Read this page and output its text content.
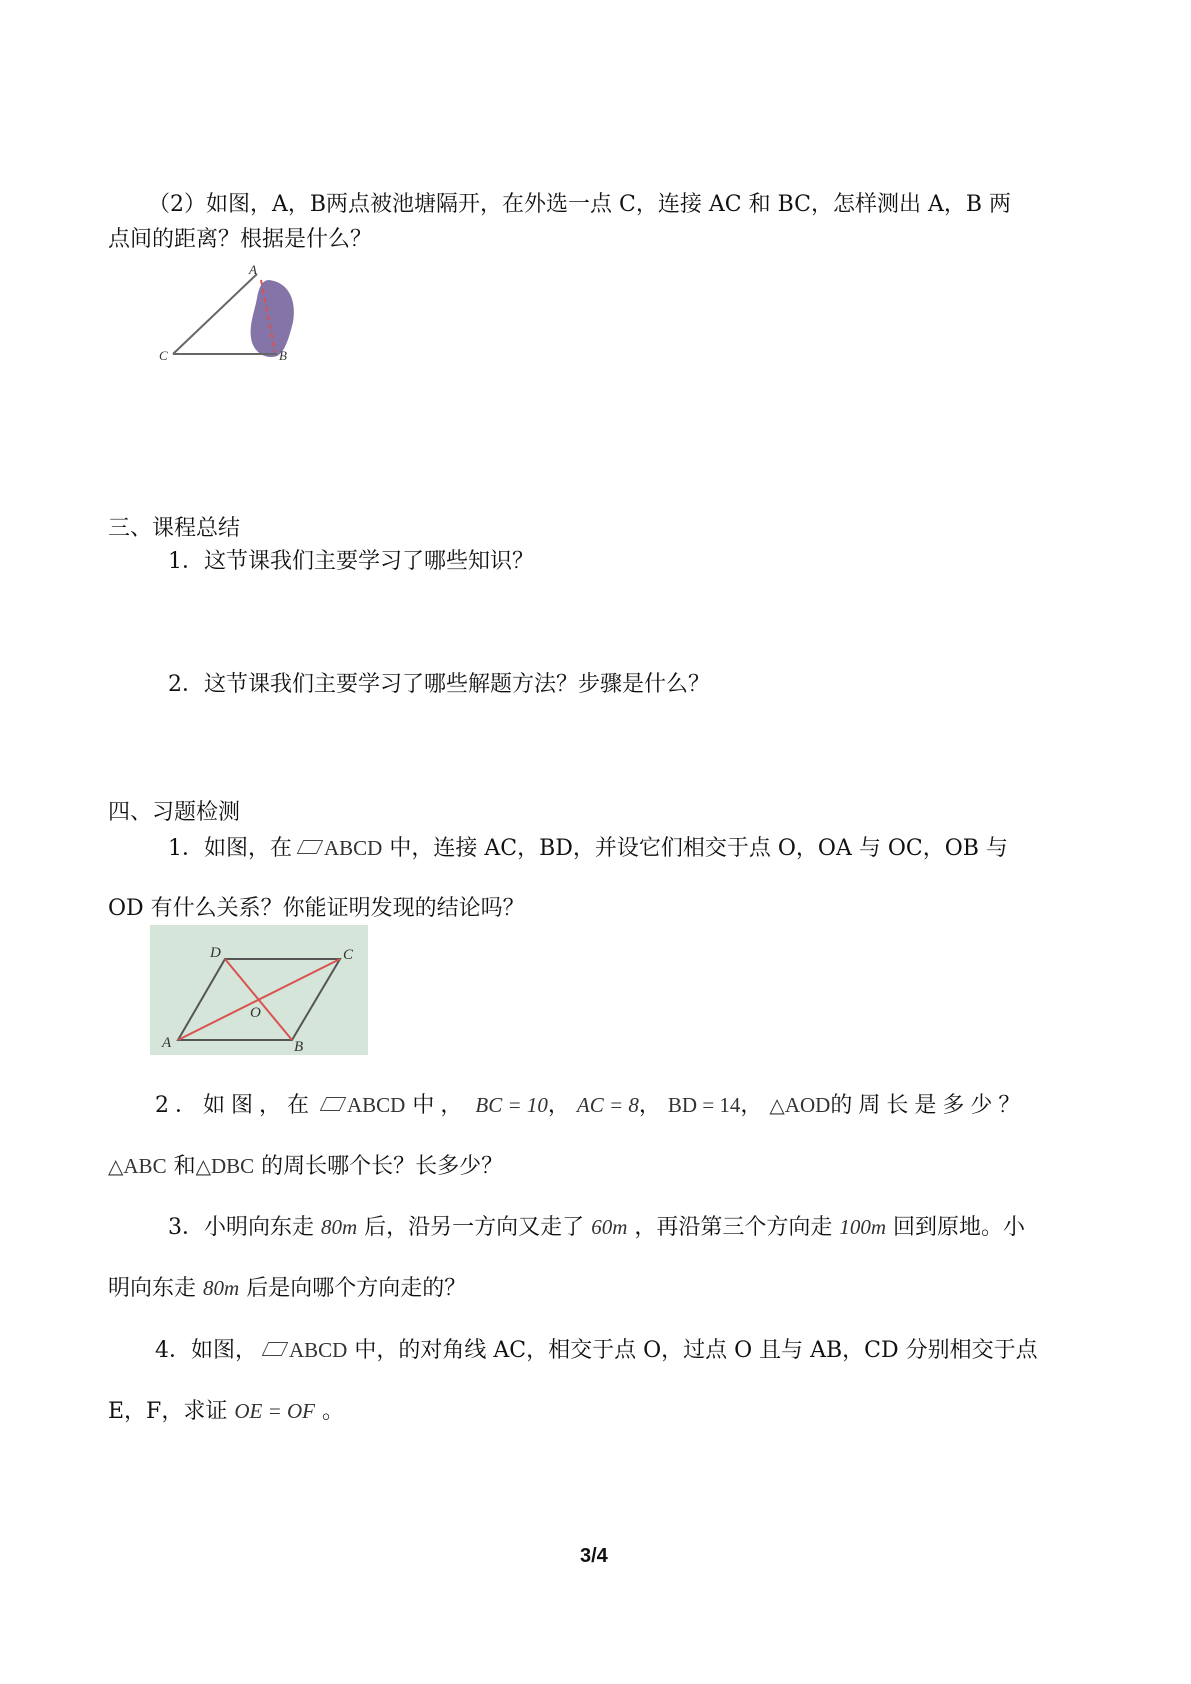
（2）如图，A，B两点被池塘隔开，在外选一点 C，连接 AC 和 BC，怎样测出 A，B 两
点间的距离？根据是什么？
A
B
C
三、课程总结
1．这节课我们主要学习了哪些知识？
2．这节课我们主要学习了哪些解题方法？步骤是什么？
四、习题检测
1．如图，在 ABCD 中，连接 AC，BD，并设它们相交于点 O，OA 与 OC，OB 与
OD 有什么关系？你能证明发现的结论吗？
D	C
A	B
O
2．如图，在 ABCD 中， BC = 10， AC = 8， BD = 14， △AOD的周长是多少？
△ABC 和△DBC 的周长哪个长？长多少？
3．小明向东走 80m 后，沿另一方向又走了 60m ，再沿第三个方向走 100m 回到原地。小
明向东走 80m 后是向哪个方向走的？
4．如图， ABCD 中，的对角线 AC，相交于点 O，过点 O 且与 AB，CD 分别相交于点
E，F，求证 OE = OF 。
3/4
